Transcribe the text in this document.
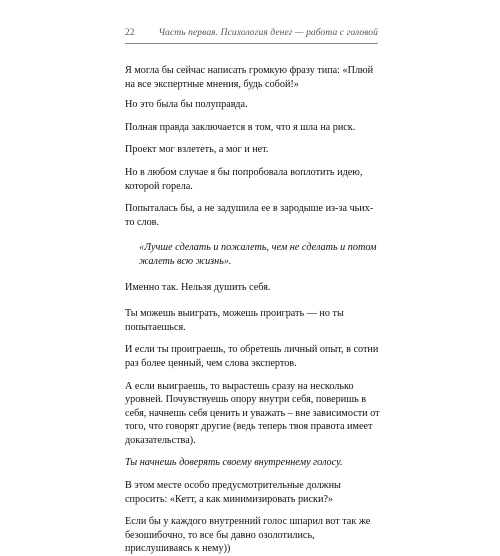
22	Часть первая. Психология денег — работа с головой

Я могла бы сейчас написать громкую фразу типа: «Плюй на все экспертные мнения, будь собой!»

Но это была бы полуправда.

Полная правда заключается в том, что я шла на риск.

Проект мог взлететь, а мог и нет.

Но в любом случае я бы попробовала воплотить идею, которой горела.

Попыталась бы, а не задушила ее в зародыше из-за чьих-то слов.

«Лучше сделать и пожалеть, чем не сделать и потом жалеть всю жизнь».

Именно так. Нельзя душить себя.

Ты можешь выиграть, можешь проиграть — но ты попытаешься.

И если ты проиграешь, то обретешь личный опыт, в сотни раз более ценный, чем слова экспертов.

А если выиграешь, то вырастешь сразу на несколько уровней. Почувствуешь опору внутри себя, поверишь в себя, начнешь себя ценить и уважать – вне зависимости от того, что говорят другие (ведь теперь твоя правота имеет доказательства).

Ты начнешь доверять своему внутреннему голосу.

В этом месте особо предусмотрительные должны спросить: «Кетт, а как минимизировать риски?»

Если бы у каждого внутренний голос шпарил вот так же безошибочно, то все бы давно озолотились, прислушиваясь к нему))
